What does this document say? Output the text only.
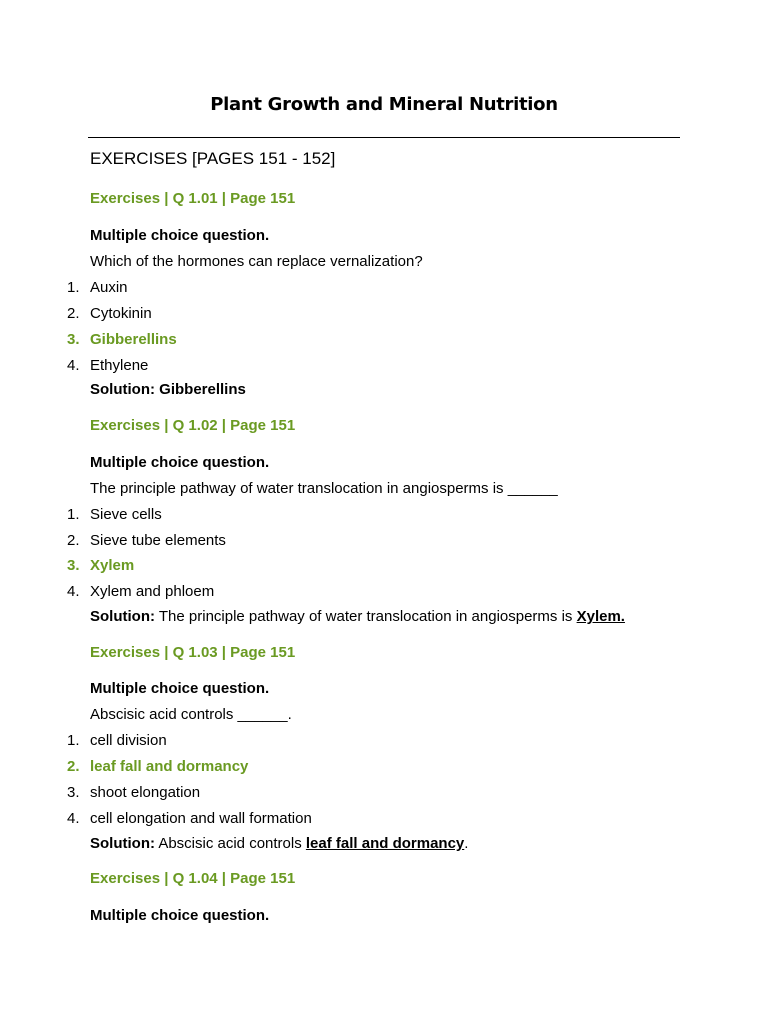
Plant Growth and Mineral Nutrition
EXERCISES [PAGES 151 - 152]
Exercises | Q 1.01 | Page 151
Multiple choice question.
Which of the hormones can replace vernalization?
1. Auxin
2. Cytokinin
3. Gibberellins
4. Ethylene
Solution: Gibberellins
Exercises | Q 1.02 | Page 151
Multiple choice question.
The principle pathway of water translocation in angiosperms is ______
1. Sieve cells
2. Sieve tube elements
3. Xylem
4. Xylem and phloem
Solution: The principle pathway of water translocation in angiosperms is Xylem.
Exercises | Q 1.03 | Page 151
Multiple choice question.
Abscisic acid controls ______.
1. cell division
2. leaf fall and dormancy
3. shoot elongation
4. cell elongation and wall formation
Solution: Abscisic acid controls leaf fall and dormancy.
Exercises | Q 1.04 | Page 151
Multiple choice question.
